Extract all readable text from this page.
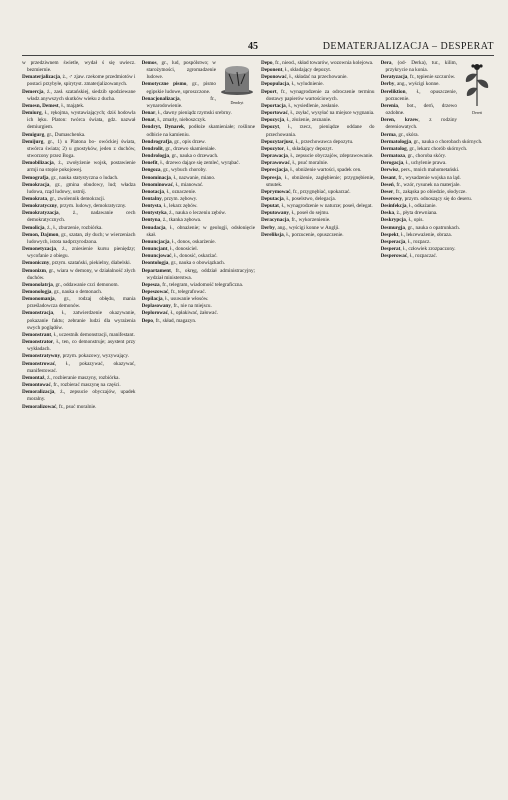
45	DEMATERJALIZACJA – DESPERAT

w przedziwnem świetle, wydał ś się uwiecz. bezmiernie.

Dematerjalizacja, ż., ♂ zjaw. rzekome przedmiotów i postaci przybyłe, spirytyst. zmaterjalizowanych.

Demercja, ż., zasł. szatańskiej, siedzib spodziewane władz anywszych skutków wieku z ducha.

Demesn, Demest, ł., majątek.

Demiurg, ł., rękojma, wystawiających; dziś hodowla ich lęku. Platon: twórca świata, gdz. nazwał demiurgiem.

Demigurg, gr., Dumaschenka.

Demijurg, gr., 1) u Platona bo- owóckiej świata, stwórca świata; 2) u gnostyków, jeden z duchów, stworzony przez Boga.

Demobilizacja, ż., zwołyżenie wojsk, postawienie armji na stopie pokojowej.

Demografja, gr., nauka statystyczna o ludach.

Demokracja, gr., gmina obudowy, lud; władza ludowa, rząd ludowy, ustrój.

Demokrata, gr., zwolennik demokracji.

Demokratyczny, przym. ludowy, demokratyczny.

Demokratyzacja, ż., nadawanie cech demokratycznych.

Demolicja, ż., ł., zburzenie, rozbiórka.

Demon, Dajmon, gr., szatan, zły duch; w wierzeniach ludowych, istota nadprzyrodzona.

Demonetyzacja, ż., zniesienie kursu pieniędzy; wycofanie z obiegu.

Demoniczny, przym. szatański, piekielny, diabelski.

Demonizm, gr., wiara w demony, w działalność złych duchów.

Demonolatrja, gr., oddawanie czci demonom.

Demonologja, gr., nauka o demonach.

Demonomanja, gr., rodzaj obłędu, mania prześladowcza demonów.

Demonstracja, ł., zatwierdzenie okazywanie, pokazanie faktu; zebranie ludzi dla wyrażenia swych poglądów.

Demonstrant, ł., uczestnik demonstracji, manifestant.

Demonstrator, ł., ten, co demonstruje; asystent przy wykładach.

Demonstratywny, przym. pokazowy, wyzywający.

Demonstrować, ł., pokazywać, okazywać, manifestować.

Demontaż, ż., rozbieranie maszyny, rozbiórka.

Demontować, fr., rozbierać maszynę na części.

Demoralizacja, ż., zepsucie obyczajów, upadek moralny.

Demoralizować, fr., psuć moralnie.

Dendryt

Demos, gr., lud, pospólstwo; w starożytności, zgromadzenie ludowe.

Demotyczne pismo, gr., pismo egipskie ludowe, uproszczone.

Denacjonalizacja, fr., wynarodowienie.

Denar, ł., dawny pieniądz rzymski srebrny.

Denat, ł., zmarły, nieboszczyk.

Dendryt, Dynarek, podłoże skamieniałe; roślinne odbicie na kamieniu.

Dendrografja, gr., opis drzew.

Dendrolit, gr., drzewo skamieniałe.

Dendrologja, gr., nauka o drzewach.

Denefit, ł., drzewo dające się zemleć, wyrąbać.

Dengoza, gr., wybuch choroby.

Denominacja, ł., nazwanie, miano.

Denominować, ł., mianować.

Denotacja, ł., oznaczenie.

Dentalny, przym. zębowy.

Dentysta, ł., lekarz zębów.

Dentystyka, ż., nauka o leczeniu zębów.

Dentyna, ż., tkanka zębowa.

Denudacja, ł., obnażenie; w geologji, odsłonięcie skał.

Denuncjacja, ł., donos, oskarżenie.

Denuncjant, ł., donosiciel.

Denuncjować, ł., donosić, oskarżać.

Deontologja, gr., nauka o obowiązkach.

Departament, fr., okręg, oddział administracyjny; wydział ministerstwa.

Depesza, fr., telegram, wiadomość telegraficzna.

Depeszować, fr., telegrafować.

Depilacja, ł., usuwanie włosów.

Deplasowany, fr., nie na miejscu.

Deplorować, ł., opłakiwać, żałować.

Depo, fr., skład, magazyn.

Depo, fr., nieod., skład towarów, wozownia kolejowa.

Deponent, ł., składający depozyt.

Deponować, ł., składać na przechowanie.

Depopulacja, ł., wyludnienie.

Deport, fr., wynagrodzenie za odroczenie terminu dostawy papierów wartościowych.

Deportacja, ł., wysiedlenie, zesłanie.

Deportować, ł., zsyłać, wysyłać na miejsce wygnania.

Depozycja, ł., złożenie, zeznanie.

Depozyt, ł., rzecz, pieniądze oddane do przechowania.

Depozytarjusz, ł., przechowawca depozytu.

Depozytor, ł., składający depozyt.

Deprawacja, ł., zepsucie obyczajów, zdeprawowanie.

Deprawować, ł., psuć moralnie.

Deprecjacja, ł., obniżenie wartości, spadek cen.

Depresja, ł., obniżenie, zagłębienie; przygnębienie, smutek.

Deprymować, fr., przygnębiać, upokarzać.

Deputacja, ł., poselstwo, delegacja.

Deputat, ł., wynagrodzenie w naturze; poseł, delegat.

Deputowany, ł., poseł do sejmu.

Deracynacja, fr., wykorzenienie.

Derby, ang., wyścigi konne w Anglji.

Dereliksja, ł., porzucenie, opuszczenie.

Dereń

Dera, (od- Derka), tur., kilim, przykrycie na konia.

Deratyzacja, fr., tępienie szczurów.

Derby, ang., wyścigi konne.

Dereliktion, ł., opuszczenie, porzucenie.

Derenia, bot., derń, drzewo ozdobne.

Deren, krzew, z rodziny dereniowatych.

Derma, gr., skóra.

Dermatologja, gr., nauka o chorobach skórnych.

Dermatolog, gr., lekarz chorób skórnych.

Dermatoza, gr., choroba skóry.

Derogacja, ł., uchylenie prawa.

Derwisz, pers., mnich mahometański.

Desant, fr., wysadzenie wojska na ląd.

Deseń, fr., wzór, rysunek na materjale.

Deser, fr., zakąska po obiedzie, słodycze.

Deserowy, przym. odnoszący się do deseru.

Desinfekcja, ł., odkażanie.

Deska, ż., płyta drewniana.

Deskrypcja, ł., opis.

Desmurgja, gr., nauka o opatrunkach.

Despekt, ł., lekceważenie, obraza.

Desperacja, ł., rozpacz.

Desperat, ł., człowiek zrozpaczony.

Desperować, ł., rozpaczać.
